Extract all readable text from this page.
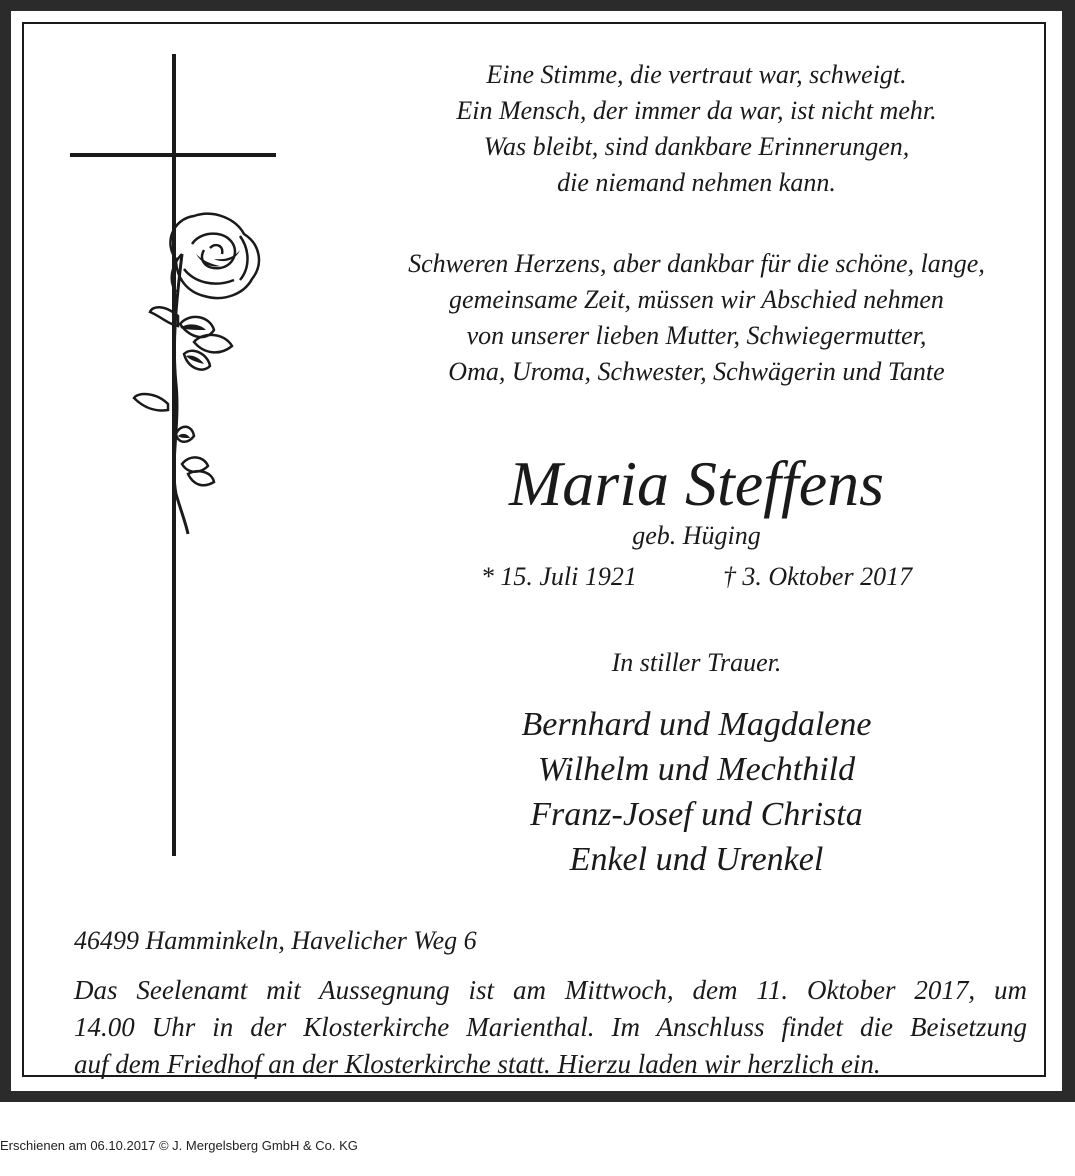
Eine Stimme, die vertraut war, schweigt.
Ein Mensch, der immer da war, ist nicht mehr.
Was bleibt, sind dankbare Erinnerungen,
die niemand nehmen kann.
Schweren Herzens, aber dankbar für die schöne, lange,
gemeinsame Zeit, müssen wir Abschied nehmen
von unserer lieben Mutter, Schwiegermutter,
Oma, Uroma, Schwester, Schwägerin und Tante
Maria Steffens
geb. Hüging
* 15. Juli 1921	† 3. Oktober 2017
In stiller Trauer.
Bernhard und Magdalene
Wilhelm und Mechthild
Franz-Josef und Christa
Enkel und Urenkel
46499 Hamminkeln, Havelicher Weg 6
Das Seelenamt mit Aussegnung ist am Mittwoch, dem 11. Oktober 2017, um
14.00 Uhr in der Klosterkirche Marienthal. Im Anschluss findet die Beisetzung
auf dem Friedhof an der Klosterkirche statt. Hierzu laden wir herzlich ein.
Erschienen am 06.10.2017 © J. Mergelsberg GmbH & Co. KG
